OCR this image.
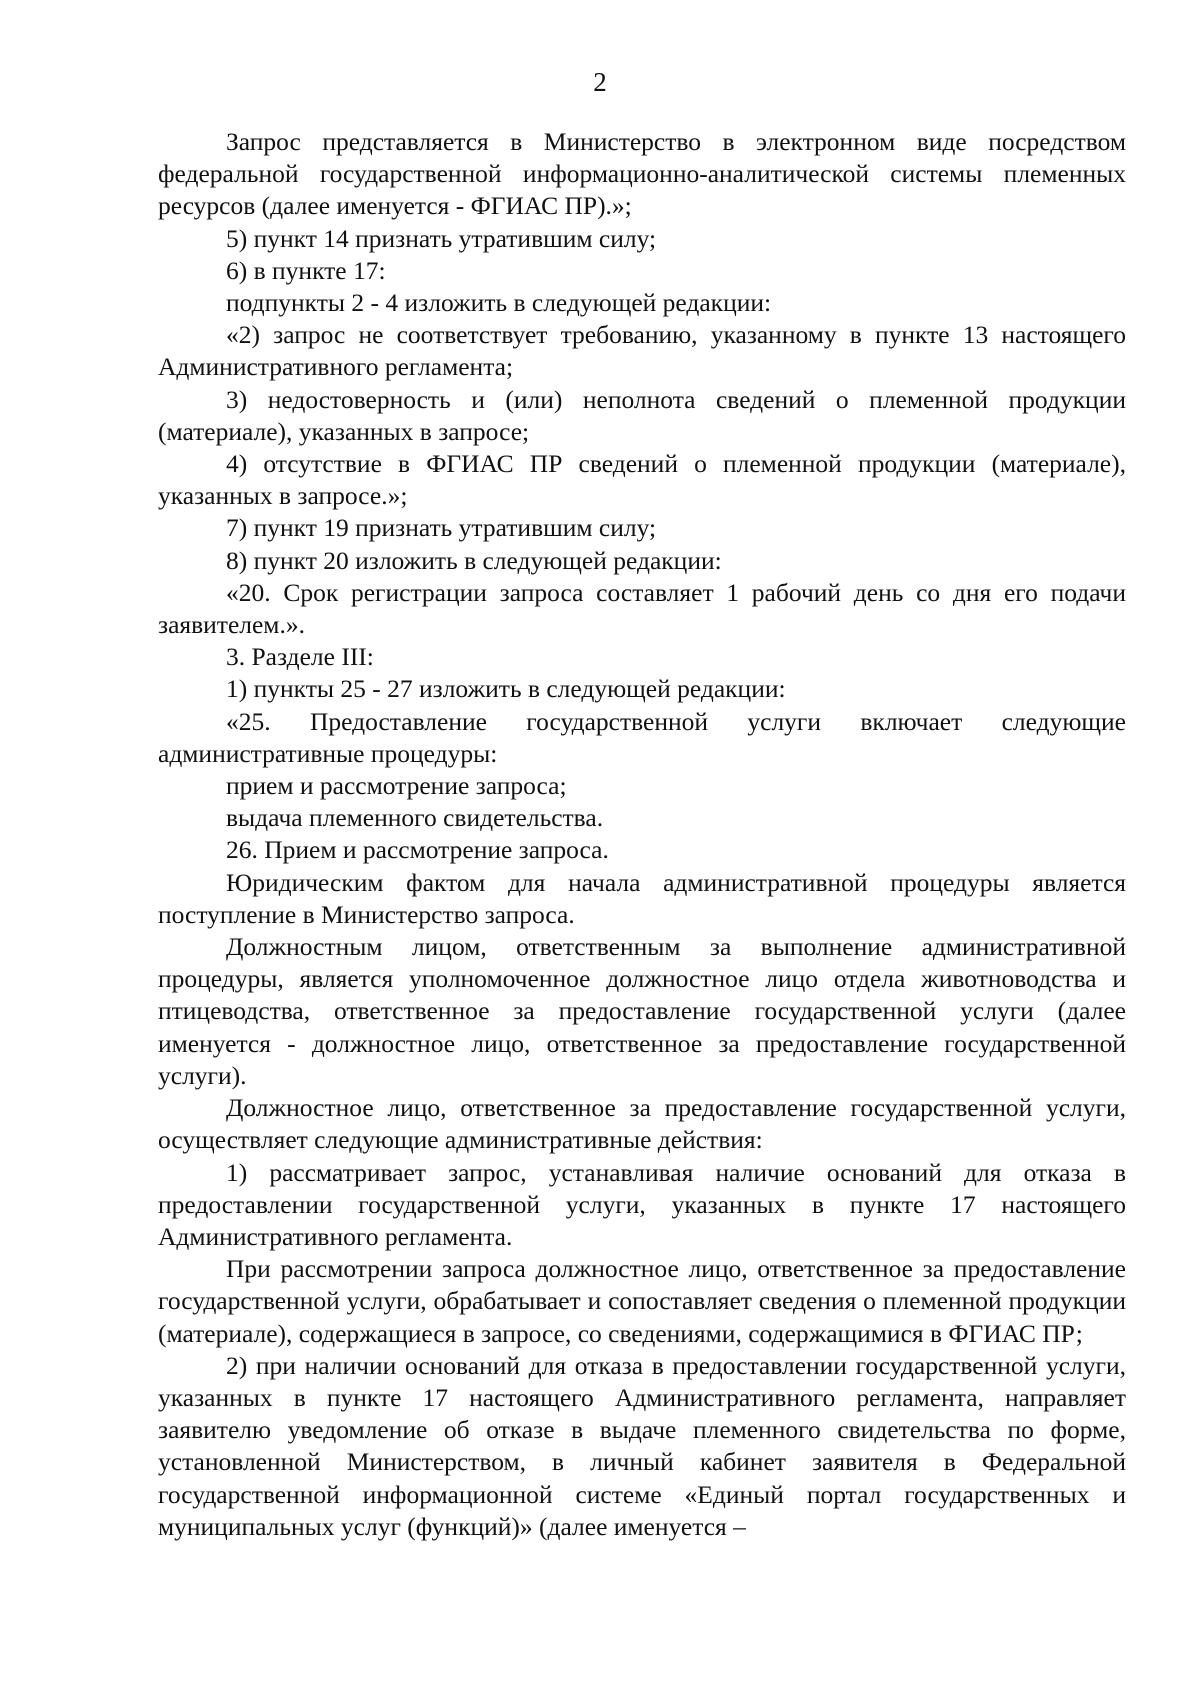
2

Запрос представляется в Министерство в электронном виде посредством федеральной государственной информационно-аналитической системы племенных ресурсов (далее именуется - ФГИАС ПР).»;

5) пункт 14 признать утратившим силу;

6) в пункте 17:

подпункты 2 - 4 изложить в следующей редакции:

«2) запрос не соответствует требованию, указанному в пункте 13 настоящего Административного регламента;

3) недостоверность и (или) неполнота сведений о племенной продукции (материале), указанных в запросе;

4) отсутствие в ФГИАС ПР сведений о племенной продукции (материале), указанных в запросе.»;

7) пункт 19 признать утратившим силу;

8) пункт 20 изложить в следующей редакции:

«20. Срок регистрации запроса составляет 1 рабочий день со дня его подачи заявителем.».

3. Разделе III:

1) пункты 25 - 27 изложить в следующей редакции:

«25. Предоставление государственной услуги включает следующие административные процедуры:

прием и рассмотрение запроса;

выдача племенного свидетельства.

26. Прием и рассмотрение запроса.

Юридическим фактом для начала административной процедуры является поступление в Министерство запроса.

Должностным лицом, ответственным за выполнение административной процедуры, является уполномоченное должностное лицо отдела животноводства и птицеводства, ответственное за предоставление государственной услуги (далее именуется - должностное лицо, ответственное за предоставление государственной услуги).

Должностное лицо, ответственное за предоставление государственной услуги, осуществляет следующие административные действия:

1) рассматривает запрос, устанавливая наличие оснований для отказа в предоставлении государственной услуги, указанных в пункте 17 настоящего Административного регламента.

При рассмотрении запроса должностное лицо, ответственное за предоставление государственной услуги, обрабатывает и сопоставляет сведения о племенной продукции (материале), содержащиеся в запросе, со сведениями, содержащимися в ФГИАС ПР;

2) при наличии оснований для отказа в предоставлении государственной услуги, указанных в пункте 17 настоящего Административного регламента, направляет заявителю уведомление об отказе в выдаче племенного свидетельства по форме, установленной Министерством, в личный кабинет заявителя в Федеральной государственной информационной системе «Единый портал государственных и муниципальных услуг (функций)» (далее именуется –
